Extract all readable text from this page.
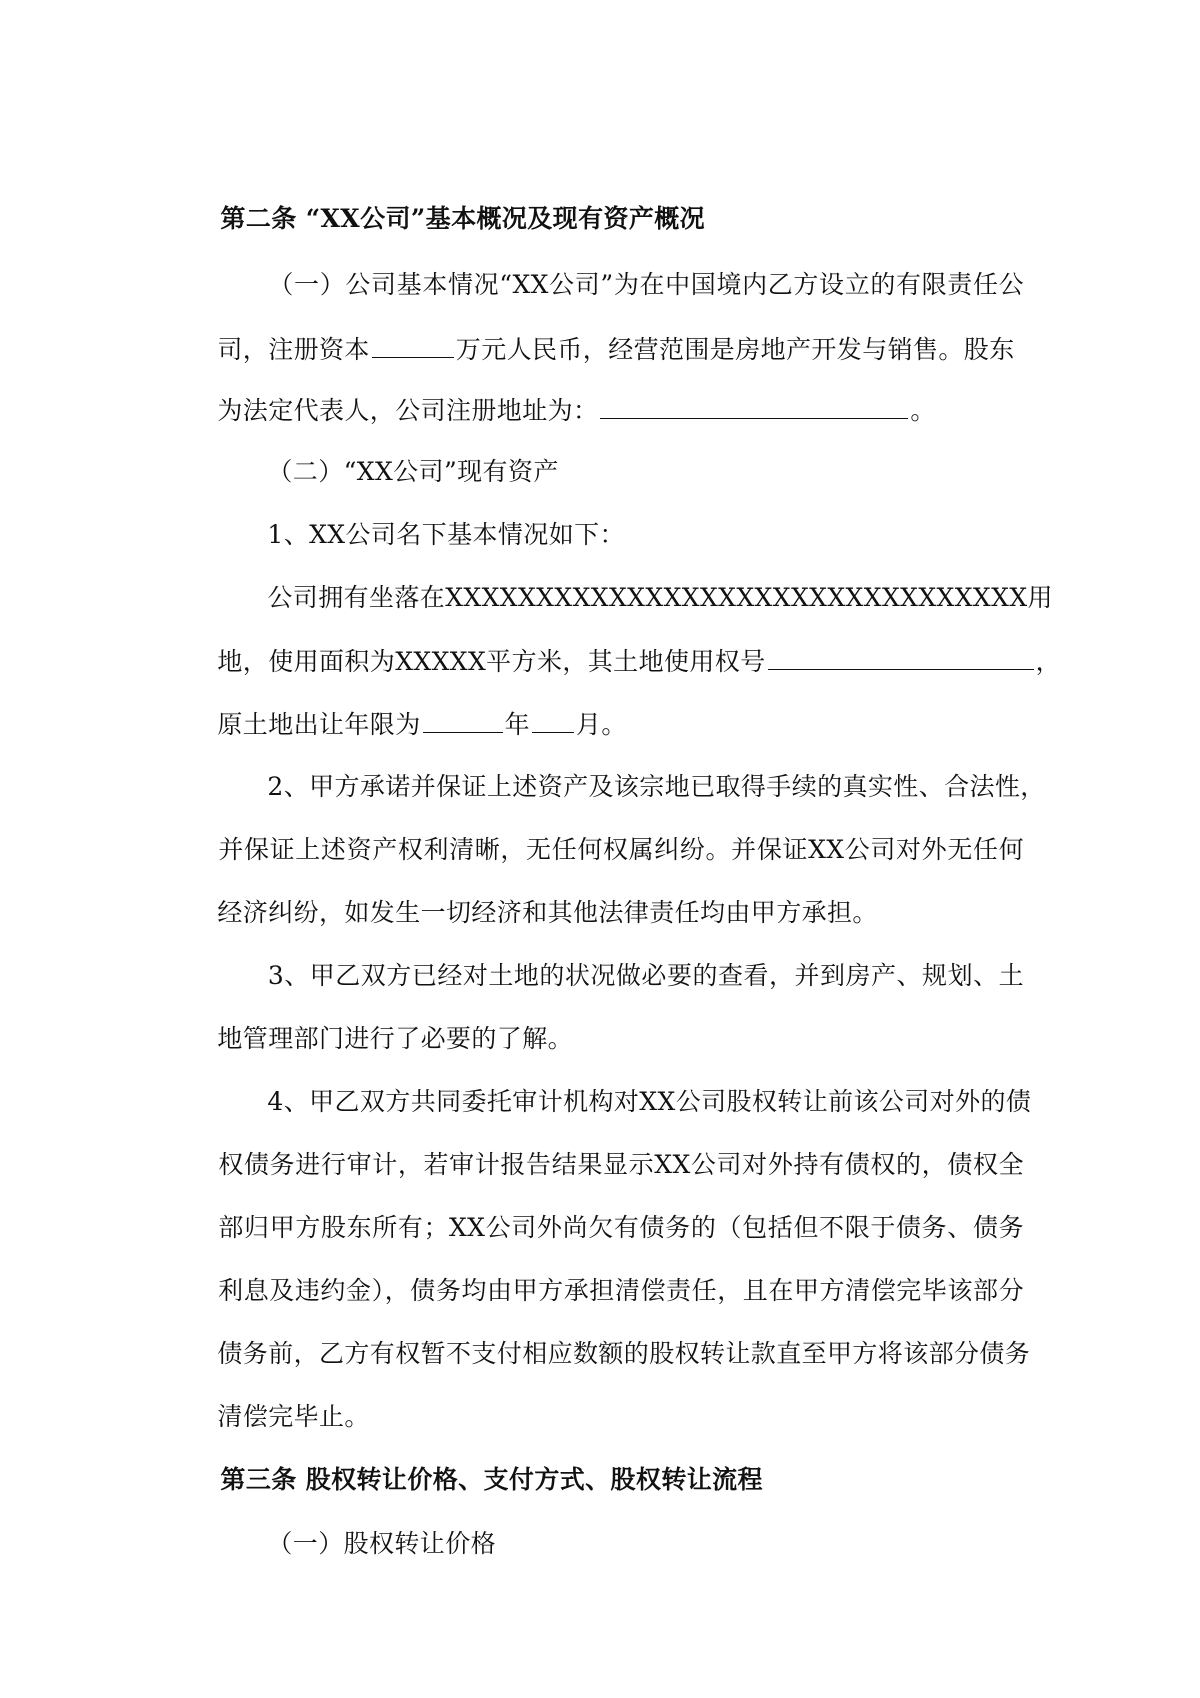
第二条 “XX公司”基本概况及现有资产概况

（一）公司基本情况“XX公司”为在中国境内乙方设立的有限责任公

司，注册资本	万元人民币，经营范围是房地产开发与销售。股东

为法定代表人，公司注册地址为：	。

（二）“XX公司”现有资产

1、XX公司名下基本情况如下：

公司拥有坐落在XXXXXXXXXXXXXXXXXXXXXXXXXXXXXXXX用

地，使用面积为XXXXX平方米，其土地使用权号	，

原土地出让年限为	年 月。

2、甲方承诺并保证上述资产及该宗地已取得手续的真实性、合法性，

并保证上述资产权利清晰，无任何权属纠纷。并保证XX公司对外无任何

经济纠纷，如发生一切经济和其他法律责任均由甲方承担。

3、甲乙双方已经对土地的状况做必要的查看，并到房产、规划、土

地管理部门进行了必要的了解。

4、甲乙双方共同委托审计机构对XX公司股权转让前该公司对外的债

权债务进行审计，若审计报告结果显示XX公司对外持有债权的，债权全

部归甲方股东所有；XX公司外尚欠有债务的（包括但不限于债务、债务

利息及违约金），债务均由甲方承担清偿责任，且在甲方清偿完毕该部分

债务前，乙方有权暂不支付相应数额的股权转让款直至甲方将该部分债务

清偿完毕止。

第三条 股权转让价格、支付方式、股权转让流程

（一）股权转让价格
